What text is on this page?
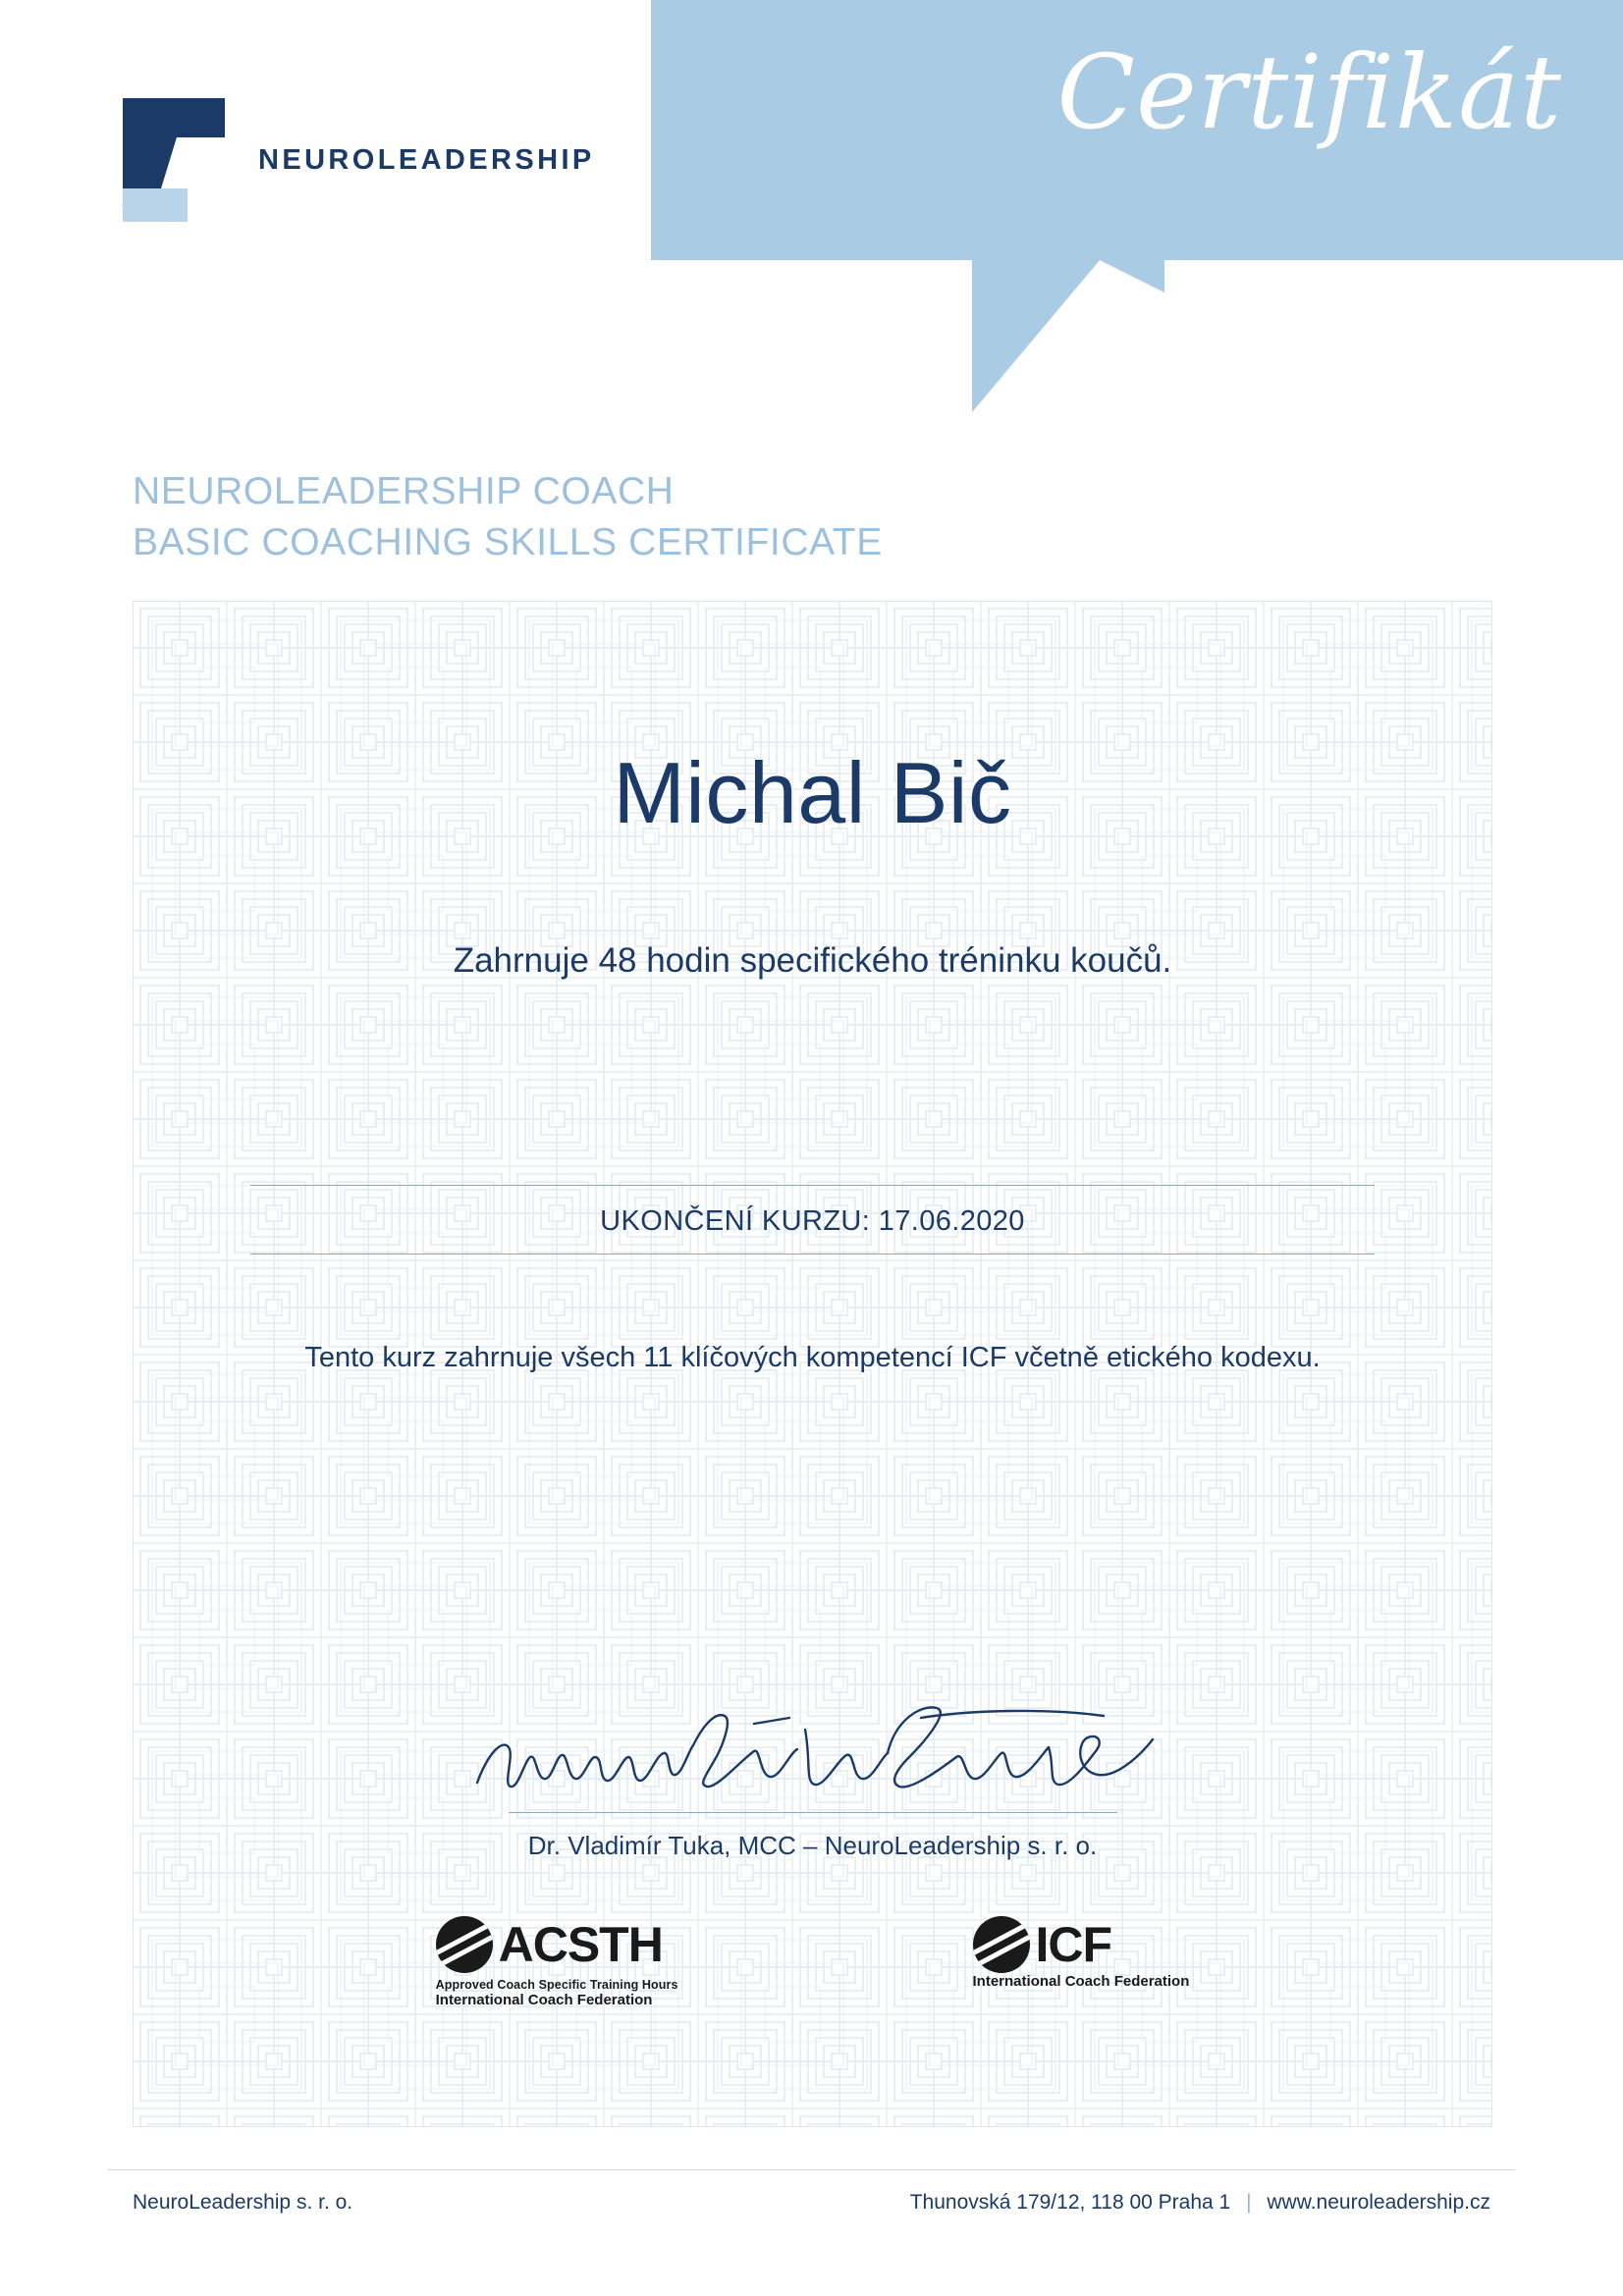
Certifikát
NEUROLEADERSHIP
NEUROLEADERSHIP COACH
BASIC COACHING SKILLS CERTIFICATE
Michal Bič
Zahrnuje 48 hodin specifického tréninku koučů.
UKONČENÍ KURZU: 17.06.2020
Tento kurz zahrnuje všech 11 klíčových kompetencí ICF včetně etického kodexu.
Dr. Vladimír Tuka, MCC – NeuroLeadership s. r. o.
ACSTH
Approved Coach Specific Training Hours
International Coach Federation
ICF
International Coach Federation
NeuroLeadership s. r. o.	Thunovská 179/12, 118 00 Praha 1 | www.neuroleadership.cz
